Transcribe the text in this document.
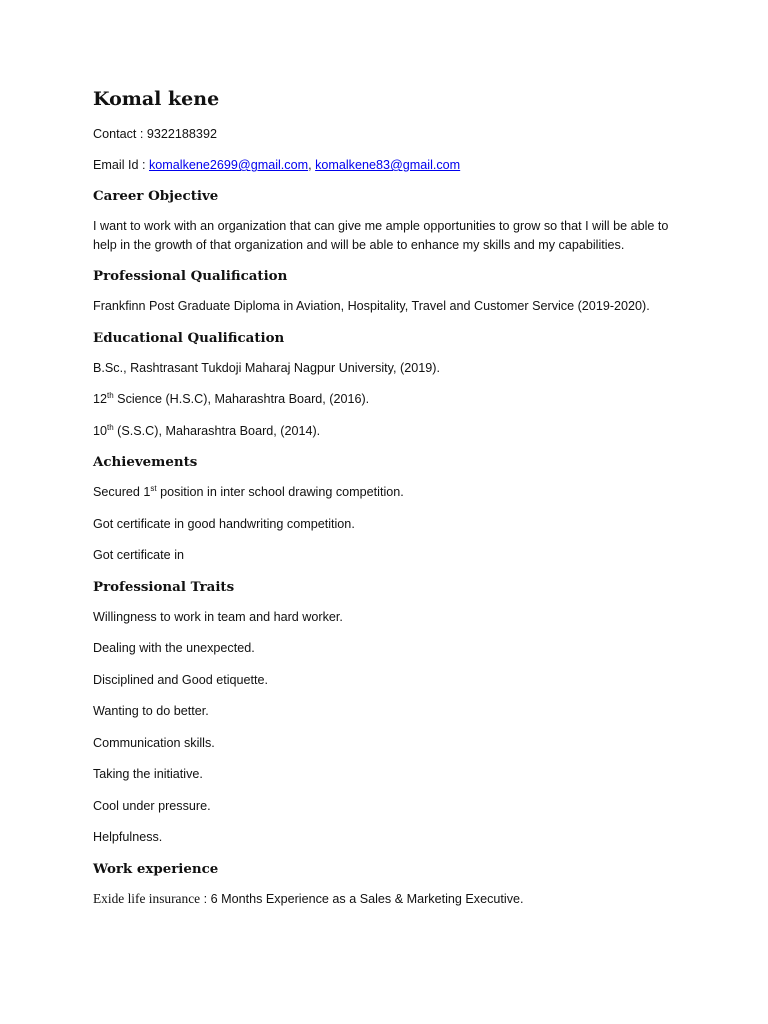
Komal kene
Contact : 9322188392
Email Id : komalkene2699@gmail.com, komalkene83@gmail.com
Career Objective
I want to work with an organization that can give me ample opportunities to grow so that I will be able to help in the growth of that organization and will be able to enhance my skills and my capabilities.
Professional Qualification
Frankfinn Post Graduate Diploma in Aviation, Hospitality, Travel and Customer Service (2019-2020).
Educational Qualification
B.Sc., Rashtrasant Tukdoji Maharaj Nagpur University, (2019).
12th Science (H.S.C), Maharashtra Board, (2016).
10th (S.S.C), Maharashtra Board, (2014).
Achievements
Secured 1st position in inter school drawing competition.
Got certificate in good handwriting competition.
Got certificate in
Professional Traits
Willingness to work in team and hard worker.
Dealing with the unexpected.
Disciplined and Good etiquette.
Wanting to do better.
Communication skills.
Taking the initiative.
Cool under pressure.
Helpfulness.
Work experience
Exide life insurance : 6 Months Experience as a Sales & Marketing Executive.
